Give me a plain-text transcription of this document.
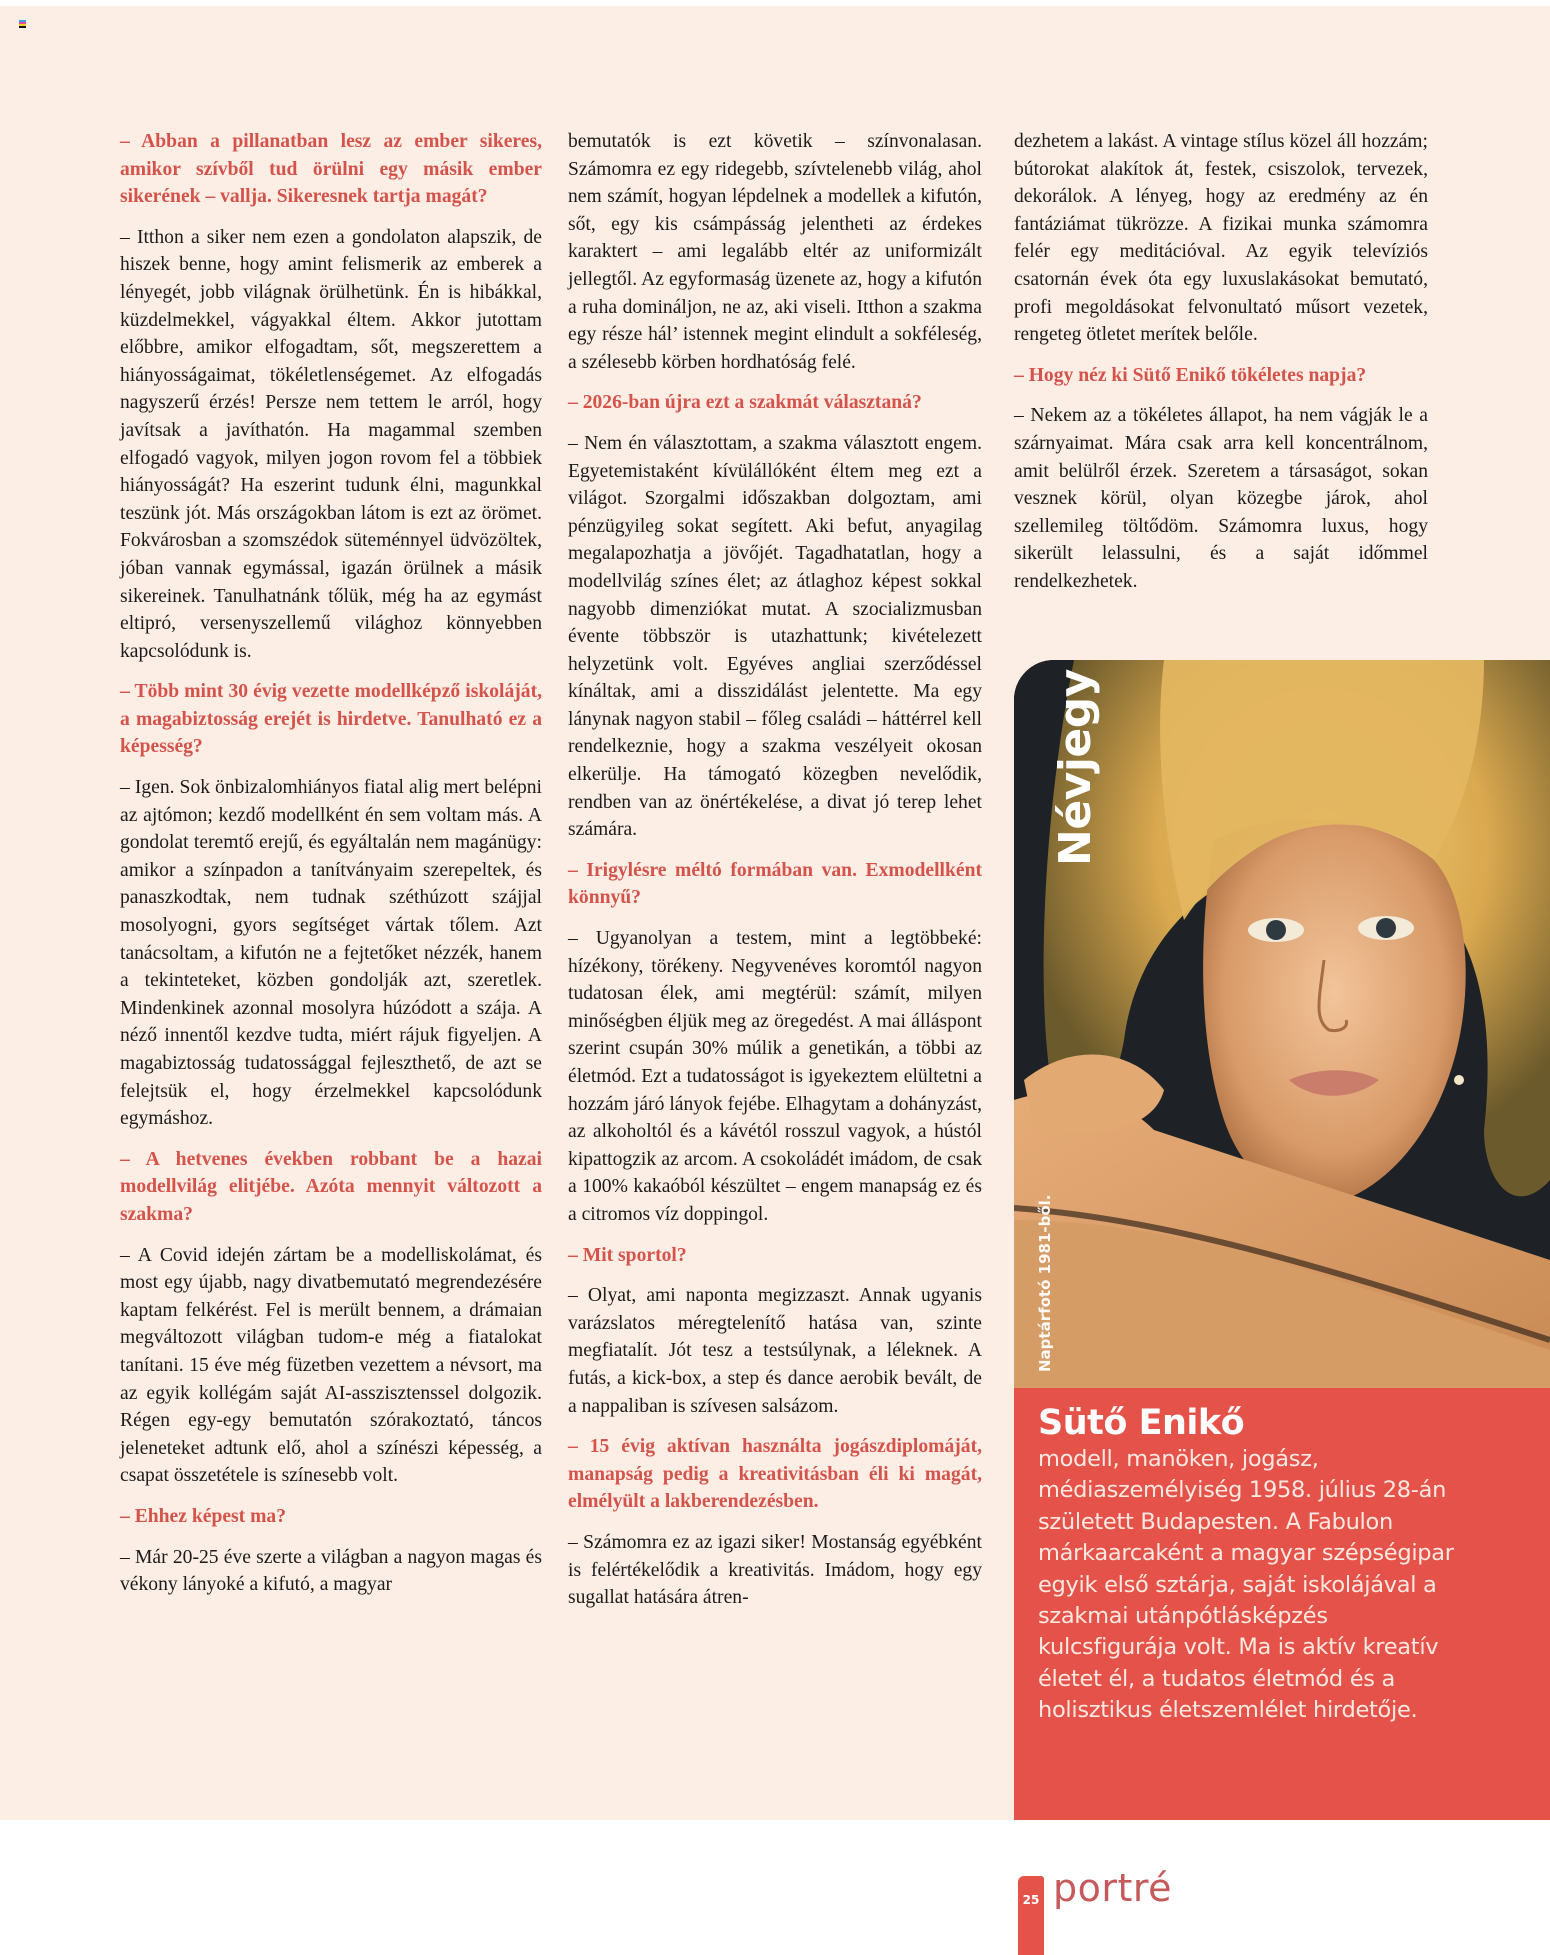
– Abban a pillanatban lesz az ember sikeres, amikor szívből tud örülni egy másik ember sikerének – vallja. Sikeresnek tartja magát?

– Itthon a siker nem ezen a gondolaton alapszik, de hiszek benne, hogy amint felismerik az emberek a lényegét, jobb világnak örülhetünk. Én is hibákkal, küzdelmekkel, vágyakkal éltem. Akkor jutottam előbbre, amikor elfogadtam, sőt, megszerettem a hiányosságaimat, tökéletlenségemet. Az elfogadás nagyszerű érzés! Persze nem tettem le arról, hogy javítsak a javíthatón. Ha magammal szemben elfogadó vagyok, milyen jogon rovom fel a többiek hiányosságát? Ha eszerint tudunk élni, magunkkal teszünk jót. Más országokban látom is ezt az örömet. Fokvárosban a szomszédok süteménnyel üdvözöltek, jóban vannak egymással, igazán örülnek a másik sikereinek. Tanulhatnánk tőlük, még ha az egymást eltipró, versenyszellemű világhoz könnyebben kapcsolódunk is.

– Több mint 30 évig vezette modellképző iskoláját, a magabiztosság erejét is hirdetve. Tanulható ez a képesség?

– Igen. Sok önbizalomhiányos fiatal alig mert belépni az ajtómon; kezdő modellként én sem voltam más. A gondolat teremtő erejű, és egyáltalán nem magánügy: amikor a színpadon a tanítványaim szerepeltek, és panaszkodtak, nem tudnak széthúzott szájjal mosolyogni, gyors segítséget vártak tőlem. Azt tanácsoltam, a kifutón ne a fejtetőket nézzék, hanem a tekinteteket, közben gondolják azt, szeretlek. Mindenkinek azonnal mosolyra húzódott a szája. A néző innentől kezdve tudta, miért rájuk figyeljen. A magabiztosság tudatossággal fejleszthető, de azt se felejtsük el, hogy érzelmekkel kapcsolódunk egymáshoz.

– A hetvenes években robbant be a hazai modellvilág elitjébe. Azóta mennyit változott a szakma?

– A Covid idején zártam be a modelliskolámat, és most egy újabb, nagy divatbemutató megrendezésére kaptam felkérést. Fel is merült bennem, a drámaian megváltozott világban tudom-e még a fiatalokat tanítani. 15 éve még füzetben vezettem a névsort, ma az egyik kollégám saját AI-asszisztenssel dolgozik. Régen egy-egy bemutatón szórakoztató, táncos jeleneteket adtunk elő, ahol a színészi képesség, a csapat összetétele is színesebb volt.

– Ehhez képest ma?

– Már 20-25 éve szerte a világban a nagyon magas és vékony lányoké a kifutó, a magyar

bemutatók is ezt követik – színvonalasan. Számomra ez egy ridegebb, szívtelenebb világ, ahol nem számít, hogyan lépdelnek a modellek a kifutón, sőt, egy kis csámpásság jelentheti az érdekes karaktert – ami legalább eltér az uniformizált jellegtől. Az egyformaság üzenete az, hogy a kifutón a ruha domináljon, ne az, aki viseli. Itthon a szakma egy része hál’ istennek megint elindult a sokféleség, a szélesebb körben hordhatóság felé.

– 2026-ban újra ezt a szakmát választaná?

– Nem én választottam, a szakma választott engem. Egyetemistaként kívülállóként éltem meg ezt a világot. Szorgalmi időszakban dolgoztam, ami pénzügyileg sokat segített. Aki befut, anyagilag megalapozhatja a jövőjét. Tagadhatatlan, hogy a modellvilág színes élet; az átlaghoz képest sokkal nagyobb dimenziókat mutat. A szocializmusban évente többször is utazhattunk; kivételezett helyzetünk volt. Egyéves angliai szerződéssel kínáltak, ami a disszidálást jelentette. Ma egy lánynak nagyon stabil – főleg családi – háttérrel kell rendelkeznie, hogy a szakma veszélyeit okosan elkerülje. Ha támogató közegben nevelődik, rendben van az önértékelése, a divat jó terep lehet számára.

– Irigylésre méltó formában van. Exmodellként könnyű?

– Ugyanolyan a testem, mint a legtöbbeké: hízékony, törékeny. Negyvenéves koromtól nagyon tudatosan élek, ami megtérül: számít, milyen minőségben éljük meg az öregedést. A mai álláspont szerint csupán 30% múlik a genetikán, a többi az életmód. Ezt a tudatosságot is igyekeztem elültetni a hozzám járó lányok fejébe. Elhagytam a dohányzást, az alkoholtól és a kávétól rosszul vagyok, a hústól kipattogzik az arcom. A csokoládét imádom, de csak a 100% kakaóból készültet – engem manapság ez és a citromos víz doppingol.

– Mit sportol?

– Olyat, ami naponta megizzaszt. Annak ugyanis varázslatos méregtelenítő hatása van, szinte megfiatalít. Jót tesz a testsúlynak, a léleknek. A futás, a kick-box, a step és dance aerobik bevált, de a nappaliban is szívesen salsázom.

– 15 évig aktívan használta jogászdiplomáját, manapság pedig a kreativitásban éli ki magát, elmélyült a lakberendezésben.

– Számomra ez az igazi siker! Mostanság egyébként is felértékelődik a kreativitás. Imádom, hogy egy sugallat hatására átren-

dezhetem a lakást. A vintage stílus közel áll hozzám; bútorokat alakítok át, festek, csiszolok, tervezek, dekorálok. A lényeg, hogy az eredmény az én fantáziámat tükrözze. A fizikai munka számomra felér egy meditációval. Az egyik televíziós csatornán évek óta egy luxuslakásokat bemutató, profi megoldásokat felvonultató műsort vezetek, rengeteg ötletet merítek belőle.

– Hogy néz ki Sütő Enikő tökéletes napja?

– Nekem az a tökéletes állapot, ha nem vágják le a szárnyaimat. Mára csak arra kell koncentrálnom, amit belülről érzek. Szeretem a társaságot, sokan vesznek körül, olyan közegbe járok, ahol szellemileg töltődöm. Számomra luxus, hogy sikerült lelassulni, és a saját időmmel rendelkezhetek.

Névjegy
Naptárfotó 1981-ből.
Sütő Enikő
modell, manöken, jogász, médiaszemélyiség 1958. július 28-án született Budapesten. A Fabulon márkaarcaként a magyar szépségipar egyik első sztárja, saját iskolájával a szakmai utánpótlásképzés kulcsfigurája volt. Ma is aktív kreatív életet él, a tudatos életmód és a holisztikus életszemlélet hirdetője.
25 portré
